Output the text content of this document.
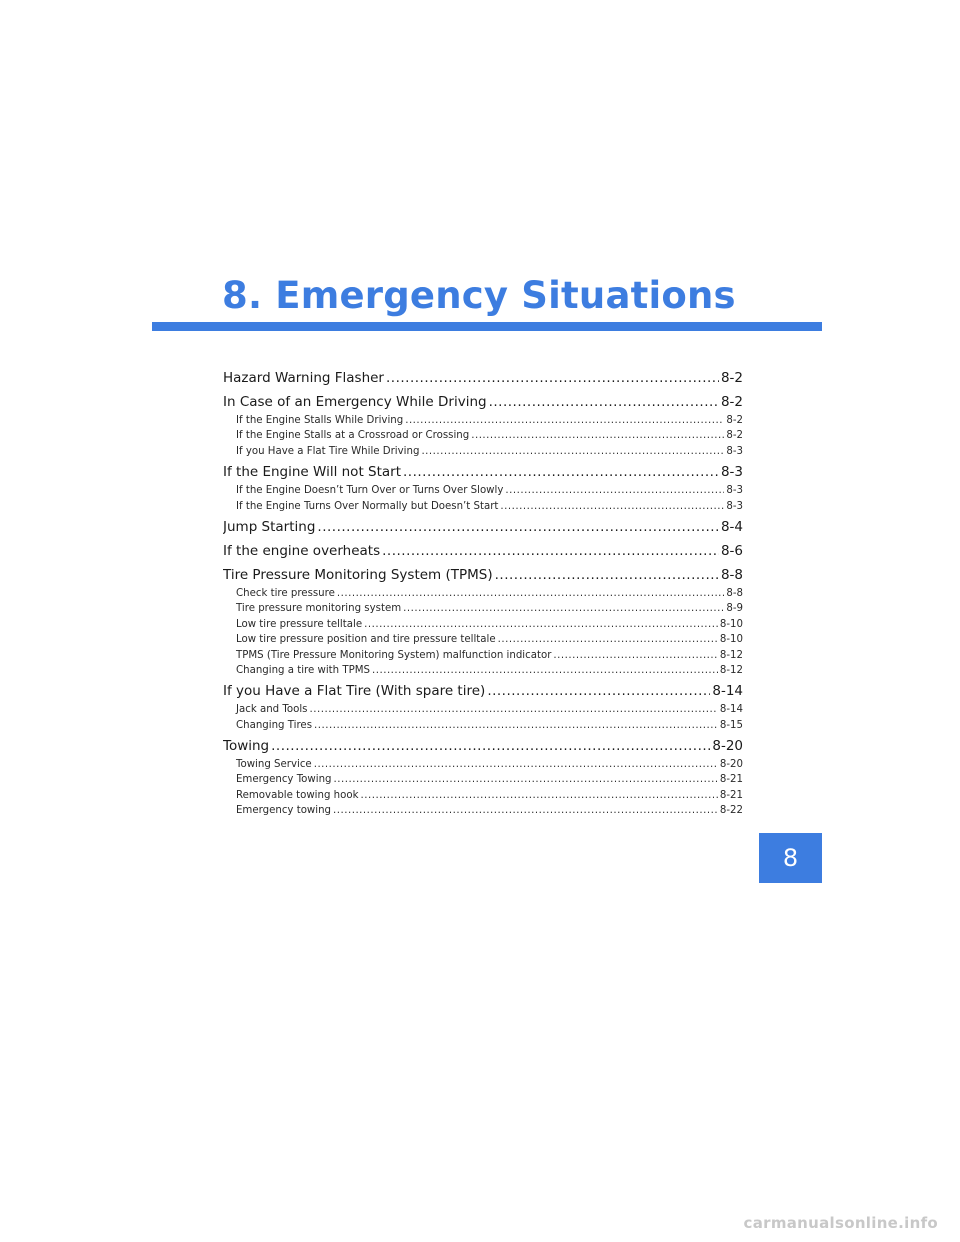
8. Emergency Situations
Hazard Warning Flasher .....	8-2
In Case of an Emergency While Driving .....	8-2
If the Engine Stalls While Driving .....	8-2
If the Engine Stalls at a Crossroad or Crossing .....	8-2
If you Have a Flat Tire While Driving .....	8-3
If the Engine Will not Start .....	8-3
If the Engine Doesn’t Turn Over or Turns Over Slowly .....	8-3
If the Engine Turns Over Normally but Doesn’t Start .....	8-3
Jump Starting .....	8-4
If the engine overheats .....	8-6
Tire Pressure Monitoring System (TPMS) .....	8-8
Check tire pressure .....	8-8
Tire pressure monitoring system .....	8-9
Low tire pressure telltale .....	8-10
Low tire pressure position and tire pressure telltale .....	8-10
TPMS (Tire Pressure Monitoring System) malfunction indicator .....	8-12
Changing a tire with TPMS .....	8-12
If you Have a Flat Tire (With spare tire) .....	8-14
Jack and Tools .....	8-14
Changing Tires .....	8-15
Towing .....	8-20
Towing Service .....	8-20
Emergency Towing .....	8-21
Removable towing hook .....	8-21
Emergency towing .....	8-22
8
carmanualsonline.info
